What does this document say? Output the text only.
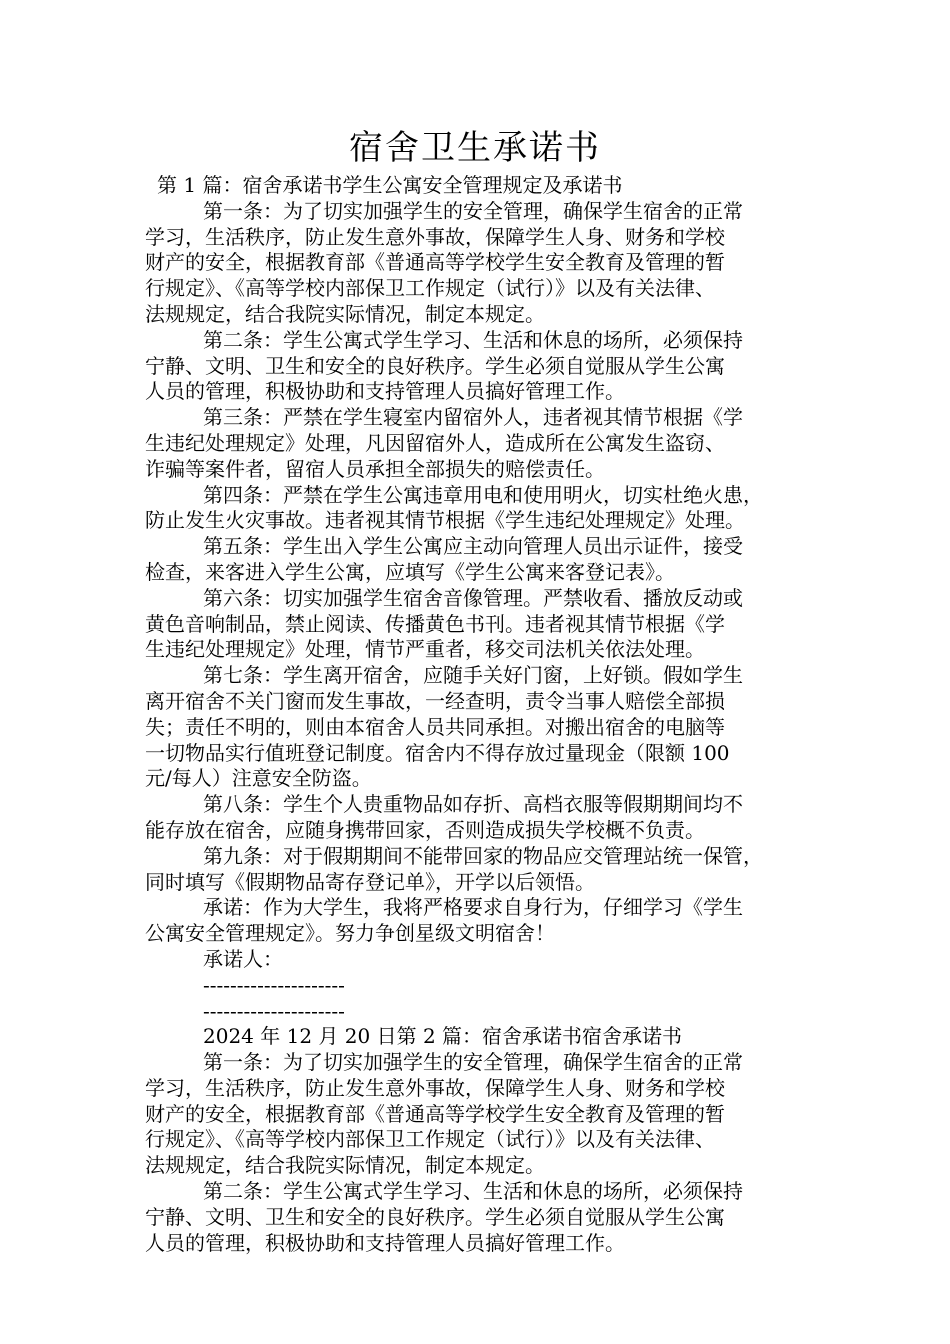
宿舍卫生承诺书

第 1 篇：宿舍承诺书学生公寓安全管理规定及承诺书

第一条：为了切实加强学生的安全管理，确保学生宿舍的正常
学习，生活秩序，防止发生意外事故，保障学生人身、财务和学校
财产的安全，根据教育部《普通高等学校学生安全教育及管理的暂
行规定》、《高等学校内部保卫工作规定（试行）》以及有关法律、
法规规定，结合我院实际情况，制定本规定。

第二条：学生公寓式学生学习、生活和休息的场所，必须保持
宁静、文明、卫生和安全的良好秩序。学生必须自觉服从学生公寓
人员的管理，积极协助和支持管理人员搞好管理工作。

第三条：严禁在学生寝室内留宿外人，违者视其情节根据《学
生违纪处理规定》处理，凡因留宿外人，造成所在公寓发生盗窃、
诈骗等案件者，留宿人员承担全部损失的赔偿责任。

第四条：严禁在学生公寓违章用电和使用明火，切实杜绝火患，
防止发生火灾事故。违者视其情节根据《学生违纪处理规定》处理。

第五条：学生出入学生公寓应主动向管理人员出示证件，接受
检查，来客进入学生公寓，应填写《学生公寓来客登记表》。

第六条：切实加强学生宿舍音像管理。严禁收看、播放反动或
黄色音响制品，禁止阅读、传播黄色书刊。违者视其情节根据《学
生违纪处理规定》处理，情节严重者，移交司法机关依法处理。

第七条：学生离开宿舍，应随手关好门窗，上好锁。假如学生
离开宿舍不关门窗而发生事故，一经查明，责令当事人赔偿全部损
失；责任不明的，则由本宿舍人员共同承担。对搬出宿舍的电脑等
一切物品实行值班登记制度。宿舍内不得存放过量现金（限额 100
元/每人）注意安全防盗。

第八条：学生个人贵重物品如存折、高档衣服等假期期间均不
能存放在宿舍，应随身携带回家，否则造成损失学校概不负责。

第九条：对于假期期间不能带回家的物品应交管理站统一保管，
同时填写《假期物品寄存登记单》，开学以后领悟。

承诺：作为大学生，我将严格要求自身行为，仔细学习《学生
公寓安全管理规定》。努力争创星级文明宿舍！

承诺人：
---------------------
---------------------

2024 年 12 月 20 日第 2 篇：宿舍承诺书宿舍承诺书

第一条：为了切实加强学生的安全管理，确保学生宿舍的正常
学习，生活秩序，防止发生意外事故，保障学生人身、财务和学校
财产的安全，根据教育部《普通高等学校学生安全教育及管理的暂
行规定》、《高等学校内部保卫工作规定（试行）》以及有关法律、
法规规定，结合我院实际情况，制定本规定。

第二条：学生公寓式学生学习、生活和休息的场所，必须保持
宁静、文明、卫生和安全的良好秩序。学生必须自觉服从学生公寓
人员的管理，积极协助和支持管理人员搞好管理工作。
